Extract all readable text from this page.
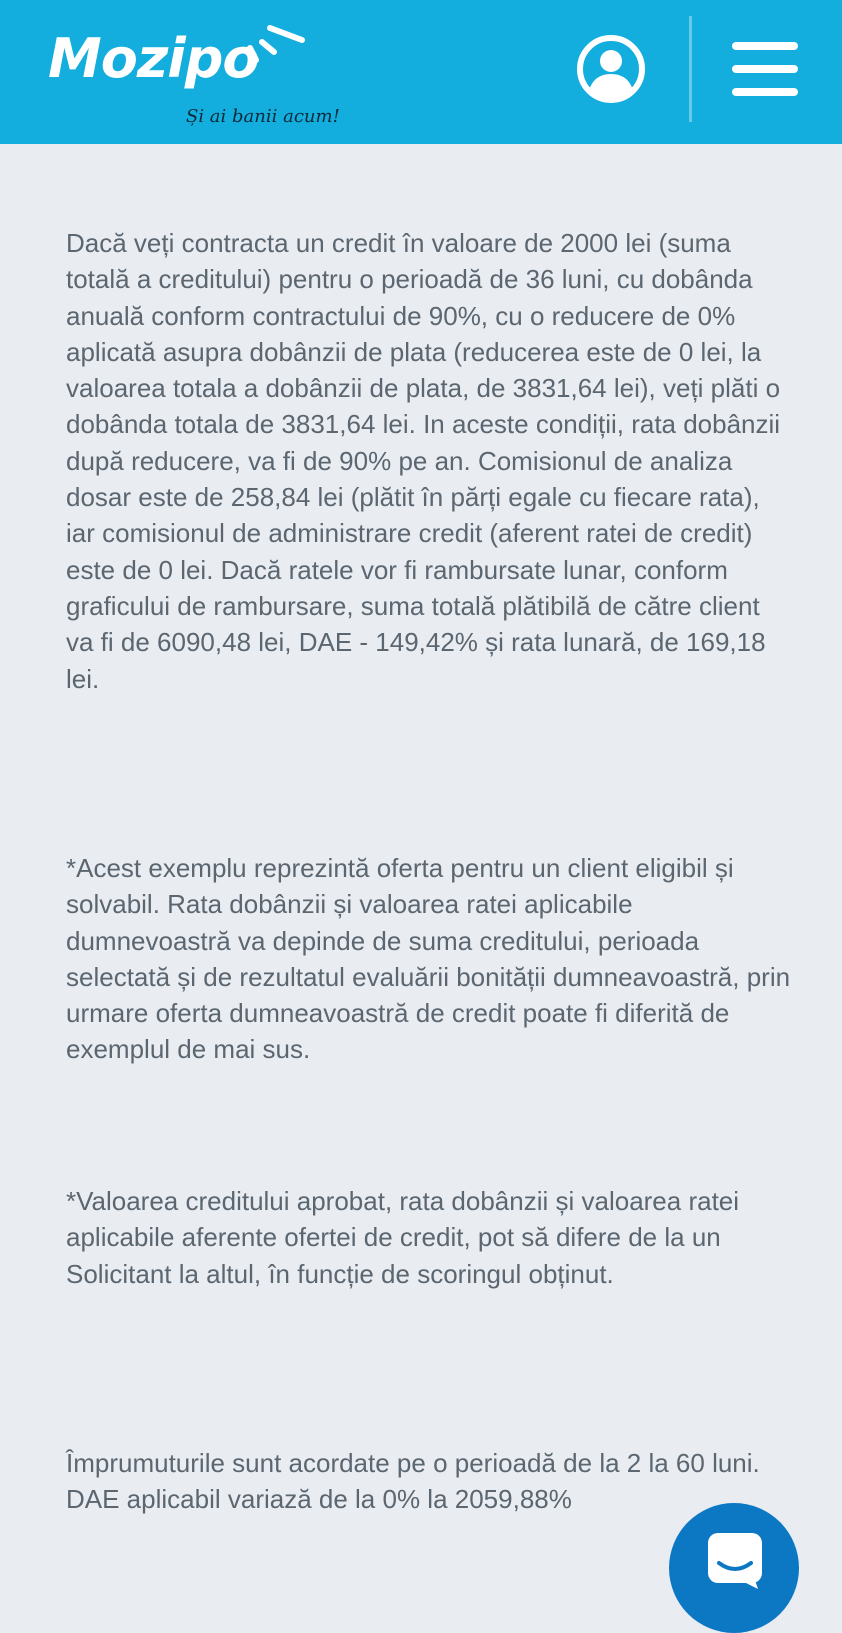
Mozipo
Și ai banii acum!

Dacă veți contracta un credit în valoare de 2000 lei (suma totală a creditului) pentru o perioadă de 36 luni, cu dobânda anuală conform contractului de 90%, cu o reducere de 0% aplicată asupra dobânzii de plata (reducerea este de 0 lei, la valoarea totala a dobânzii de plata, de 3831,64 lei), veți plăti o dobânda totala de 3831,64 lei. In aceste condiții, rata dobânzii după reducere, va fi de 90% pe an. Comisionul de analiza dosar este de 258,84 lei (plătit în părți egale cu fiecare rata), iar comisionul de administrare credit (aferent ratei de credit) este de 0 lei. Dacă ratele vor fi rambursate lunar, conform graficului de rambursare, suma totală plătibilă de către client va fi de 6090,48 lei, DAE - 149,42% și rata lunară, de 169,18 lei.

*Acest exemplu reprezintă oferta pentru un client eligibil și solvabil. Rata dobânzii și valoarea ratei aplicabile dumnevoastră va depinde de suma creditului, perioada selectată și de rezultatul evaluării bonității dumneavoastră, prin urmare oferta dumneavoastră de credit poate fi diferită de exemplul de mai sus.

*Valoarea creditului aprobat, rata dobânzii și valoarea ratei aplicabile aferente ofertei de credit, pot să difere de la un Solicitant la altul, în funcție de scoringul obținut.

Împrumuturile sunt acordate pe o perioadă de la 2 la 60 luni. DAE aplicabil variază de la 0% la 2059,88%
